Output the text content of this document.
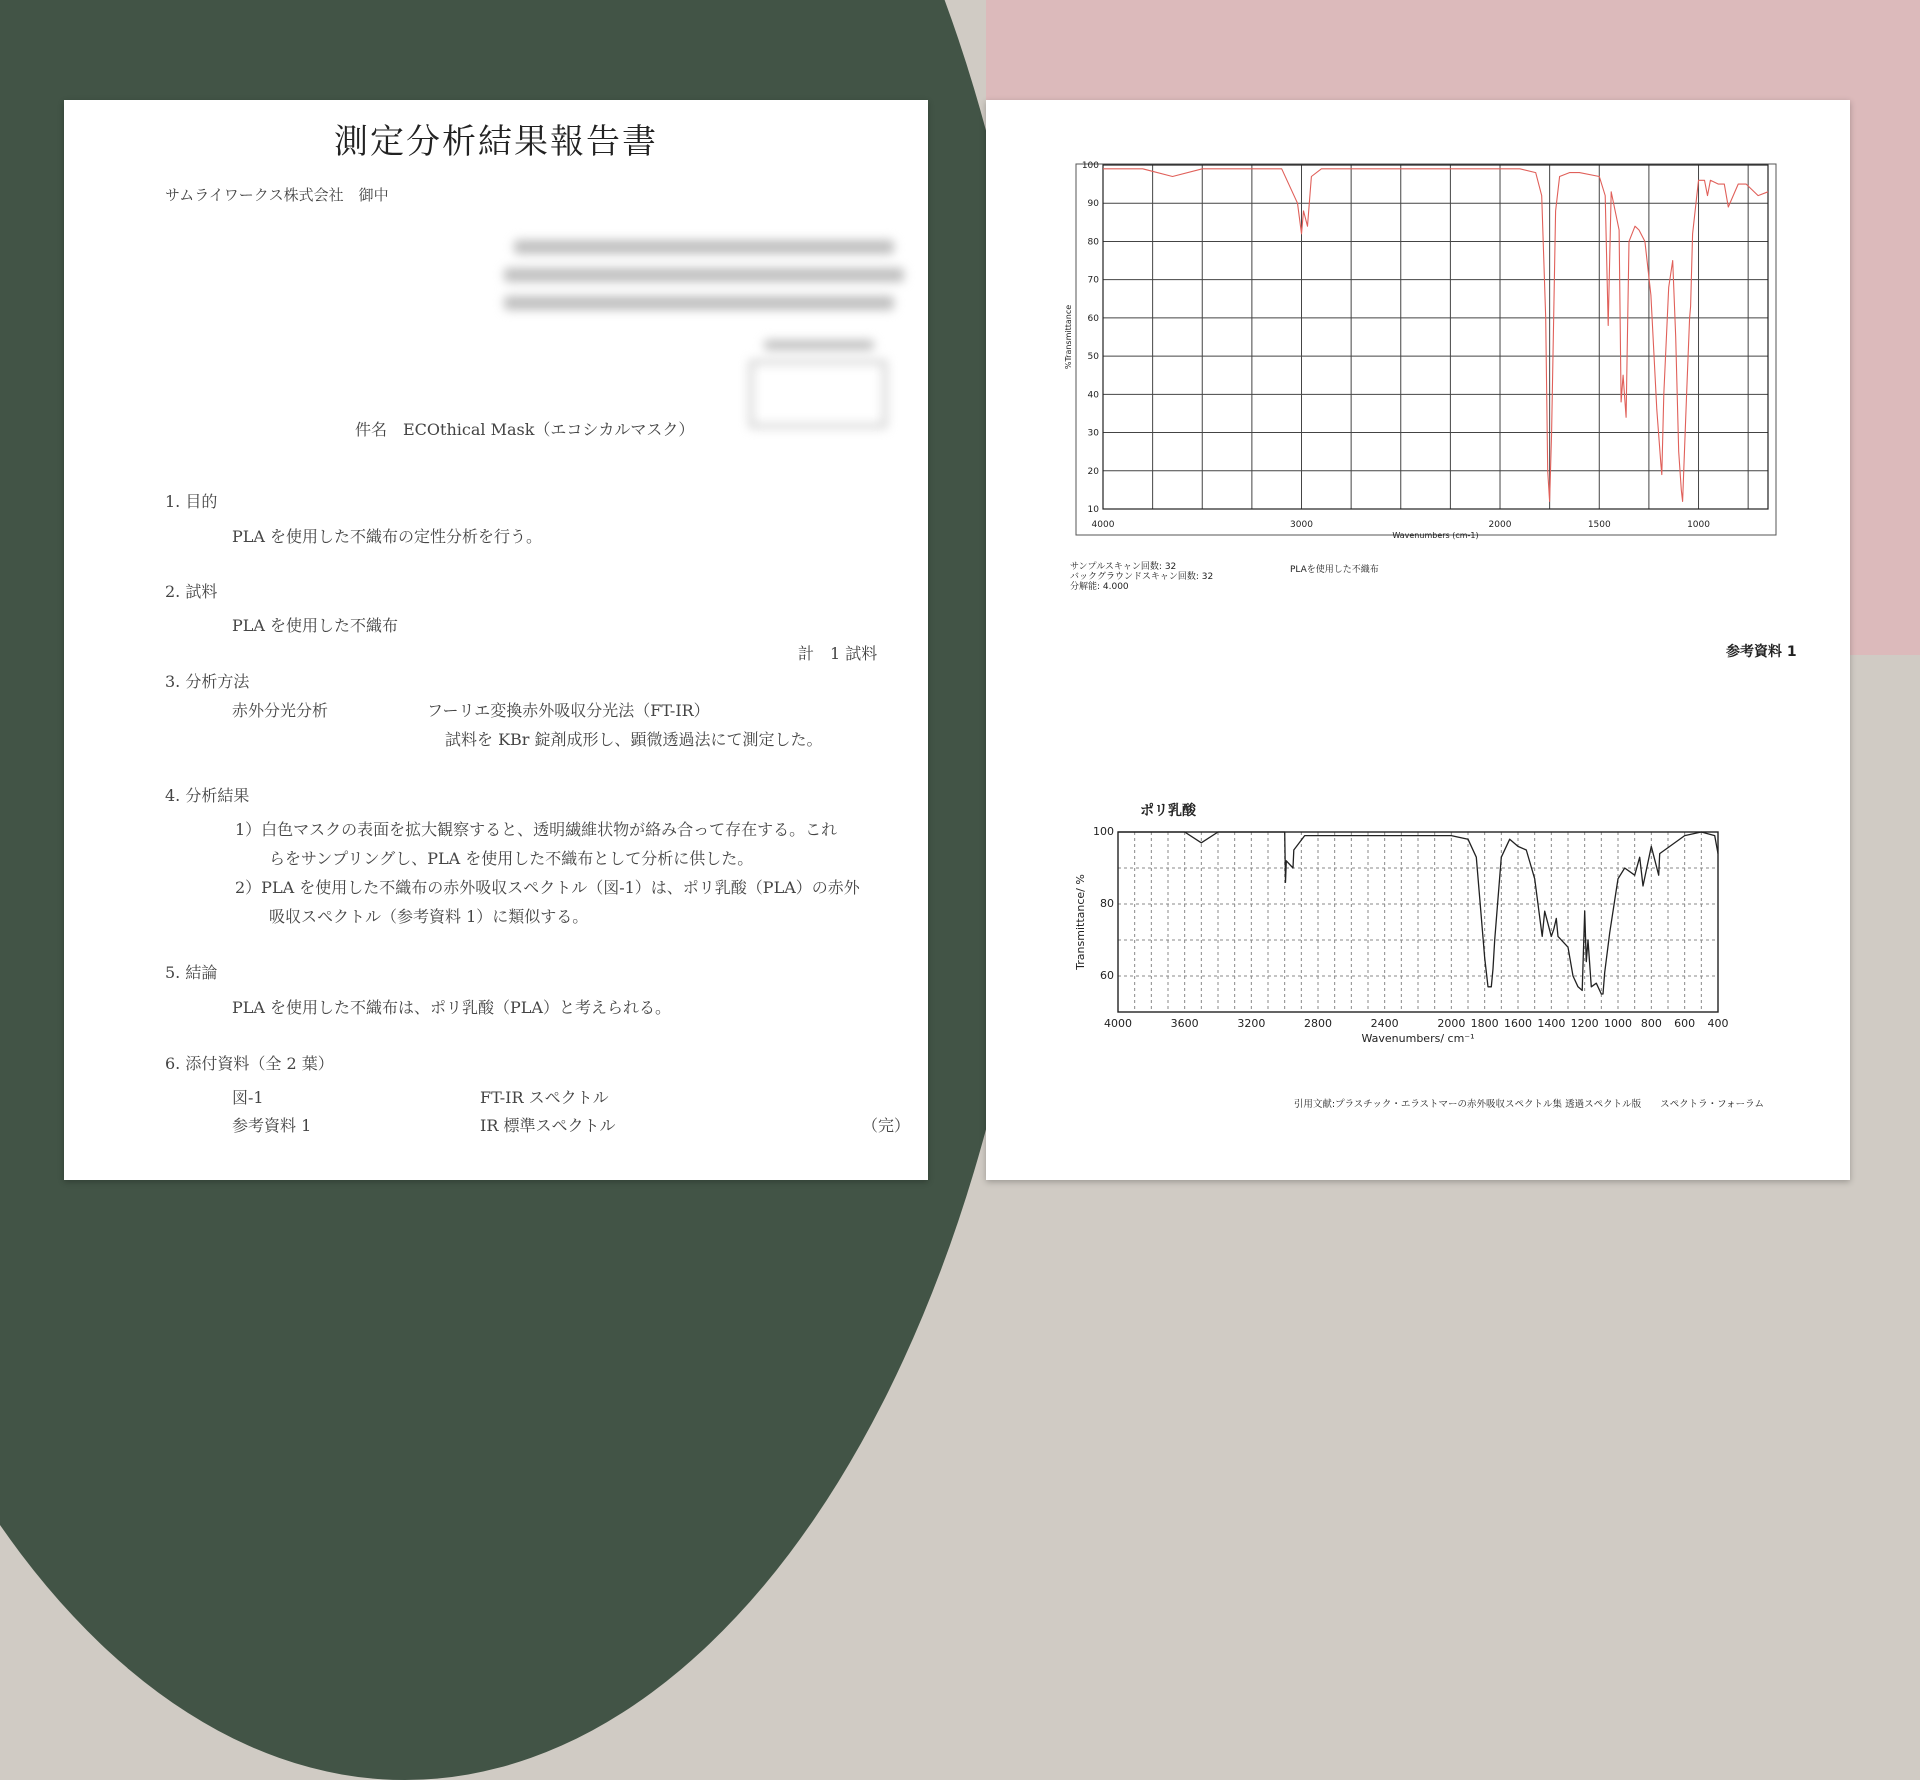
測定分析結果報告書
サムライワークス株式会社　御中
件名　ECOthical Mask（エコシカルマスク）
1. 目的
PLA を使用した不織布の定性分析を行う。
2. 試料
PLA を使用した不織布
計　1 試料
3. 分析方法
赤外分光分析	フーリエ変換赤外吸収分光法（FT-IR）
試料を KBr 錠剤成形し、顕微透過法にて測定した。
4. 分析結果
1）白色マスクの表面を拡大観察すると、透明繊維状物が絡み合って存在する。これ
らをサンプリングし、PLA を使用した不織布として分析に供した。
2）PLA を使用した不織布の赤外吸収スペクトル（図-1）は、ポリ乳酸（PLA）の赤外
吸収スペクトル（参考資料 1）に類似する。
5. 結論
PLA を使用した不織布は、ポリ乳酸（PLA）と考えられる。
6. 添付資料（全 2 葉）
図-1	FT-IR スペクトル
参考資料 1	IR 標準スペクトル	（完）
4000	3000	2000	1500	1000
100
90
80
70
60
50
40
30
20
10
Wavenumbers (cm-1)
%Transmittance
サンプルスキャン回数: 32
バックグラウンドスキャン回数: 32
分解能: 4.000
PLAを使用した不織布
参考資料 1
ポリ乳酸
4000	3600	3200	2800	2400	2000 1800 1600 1400 1200 1000 800 600 400
100
80
60
Wavenumbers/ cm⁻¹
Transmittance/ %
引用文献:プラスチック・エラストマーの赤外吸収スペクトル集 透過スペクトル版　　スペクトラ・フォーラム
